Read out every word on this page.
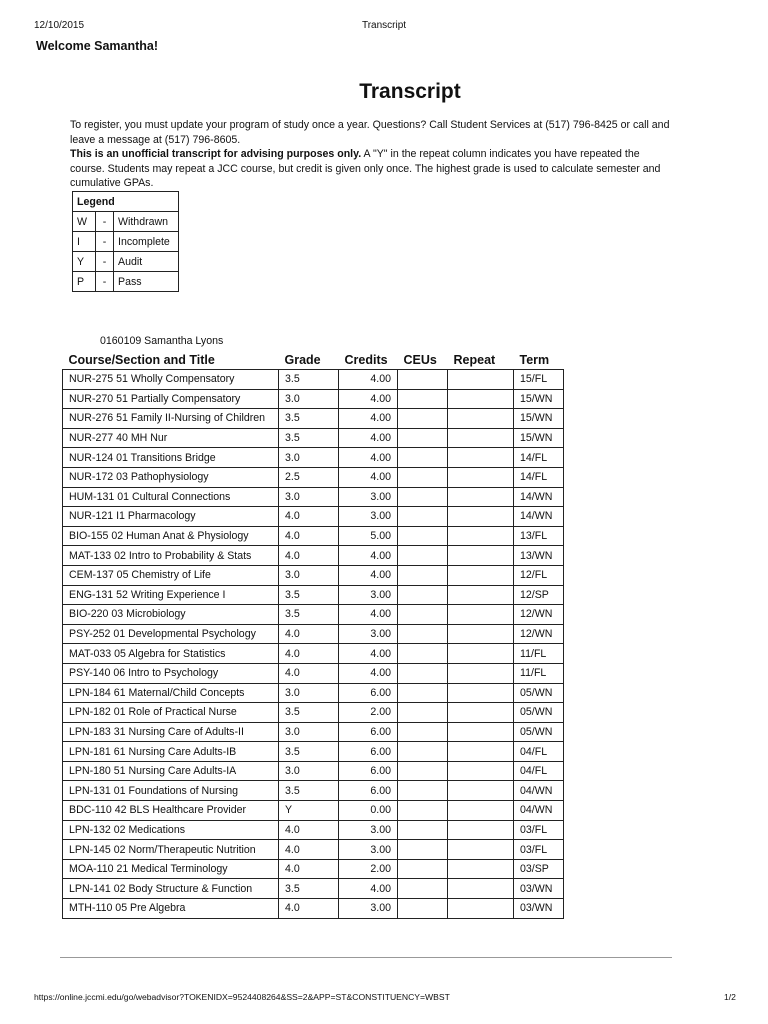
12/10/2015	Transcript
Welcome Samantha!
Transcript

To register, you must update your program of study once a year. Questions? Call Student Services at (517) 796-8425 or call and leave a message at (517) 796-8605.

This is an unofficial transcript for advising purposes only. A "Y" in the repeat column indicates you have repeated the course. Students may repeat a JCC course, but credit is given only once. The highest grade is used to calculate semester and cumulative GPAs.

Legend		
W	-	Withdrawn
I	-	Incomplete
Y	-	Audit
P	-	Pass
0160109 Samantha Lyons
Course/Section and Title	Grade	Credits	CEUs	Repeat	Term
NUR-275 51 Wholly Compensatory	3.5	4.00			15/FL
NUR-270 51 Partially Compensatory	3.0	4.00			15/WN
NUR-276 51 Family II-Nursing of Children	3.5	4.00			15/WN
NUR-277 40 MH Nur	3.5	4.00			15/WN
NUR-124 01 Transitions Bridge	3.0	4.00			14/FL
NUR-172 03 Pathophysiology	2.5	4.00			14/FL
HUM-131 01 Cultural Connections	3.0	3.00			14/WN
NUR-121 I1 Pharmacology	4.0	3.00			14/WN
BIO-155 02 Human Anat & Physiology	4.0	5.00			13/FL
MAT-133 02 Intro to Probability & Stats	4.0	4.00			13/WN
CEM-137 05 Chemistry of Life	3.0	4.00			12/FL
ENG-131 52 Writing Experience I	3.5	3.00			12/SP
BIO-220 03 Microbiology	3.5	4.00			12/WN
PSY-252 01 Developmental Psychology	4.0	3.00			12/WN
MAT-033 05 Algebra for Statistics	4.0	4.00			11/FL
PSY-140 06 Intro to Psychology	4.0	4.00			11/FL
LPN-184 61 Maternal/Child Concepts	3.0	6.00			05/WN
LPN-182 01 Role of Practical Nurse	3.5	2.00			05/WN
LPN-183 31 Nursing Care of Adults-II	3.0	6.00			05/WN
LPN-181 61 Nursing Care Adults-IB	3.5	6.00			04/FL
LPN-180 51 Nursing Care Adults-IA	3.0	6.00			04/FL
LPN-131 01 Foundations of Nursing	3.5	6.00			04/WN
BDC-110 42 BLS Healthcare Provider	Y	0.00			04/WN
LPN-132 02 Medications	4.0	3.00			03/FL
LPN-145 02 Norm/Therapeutic Nutrition	4.0	3.00			03/FL
MOA-110 21 Medical Terminology	4.0	2.00			03/SP
LPN-141 02 Body Structure & Function	3.5	4.00			03/WN
MTH-110 05 Pre Algebra	4.0	3.00			03/WN
https://online.jccmi.edu/go/webadvisor?TOKENIDX=9524408264&SS=2&APP=ST&CONSTITUENCY=WBST	1/2
